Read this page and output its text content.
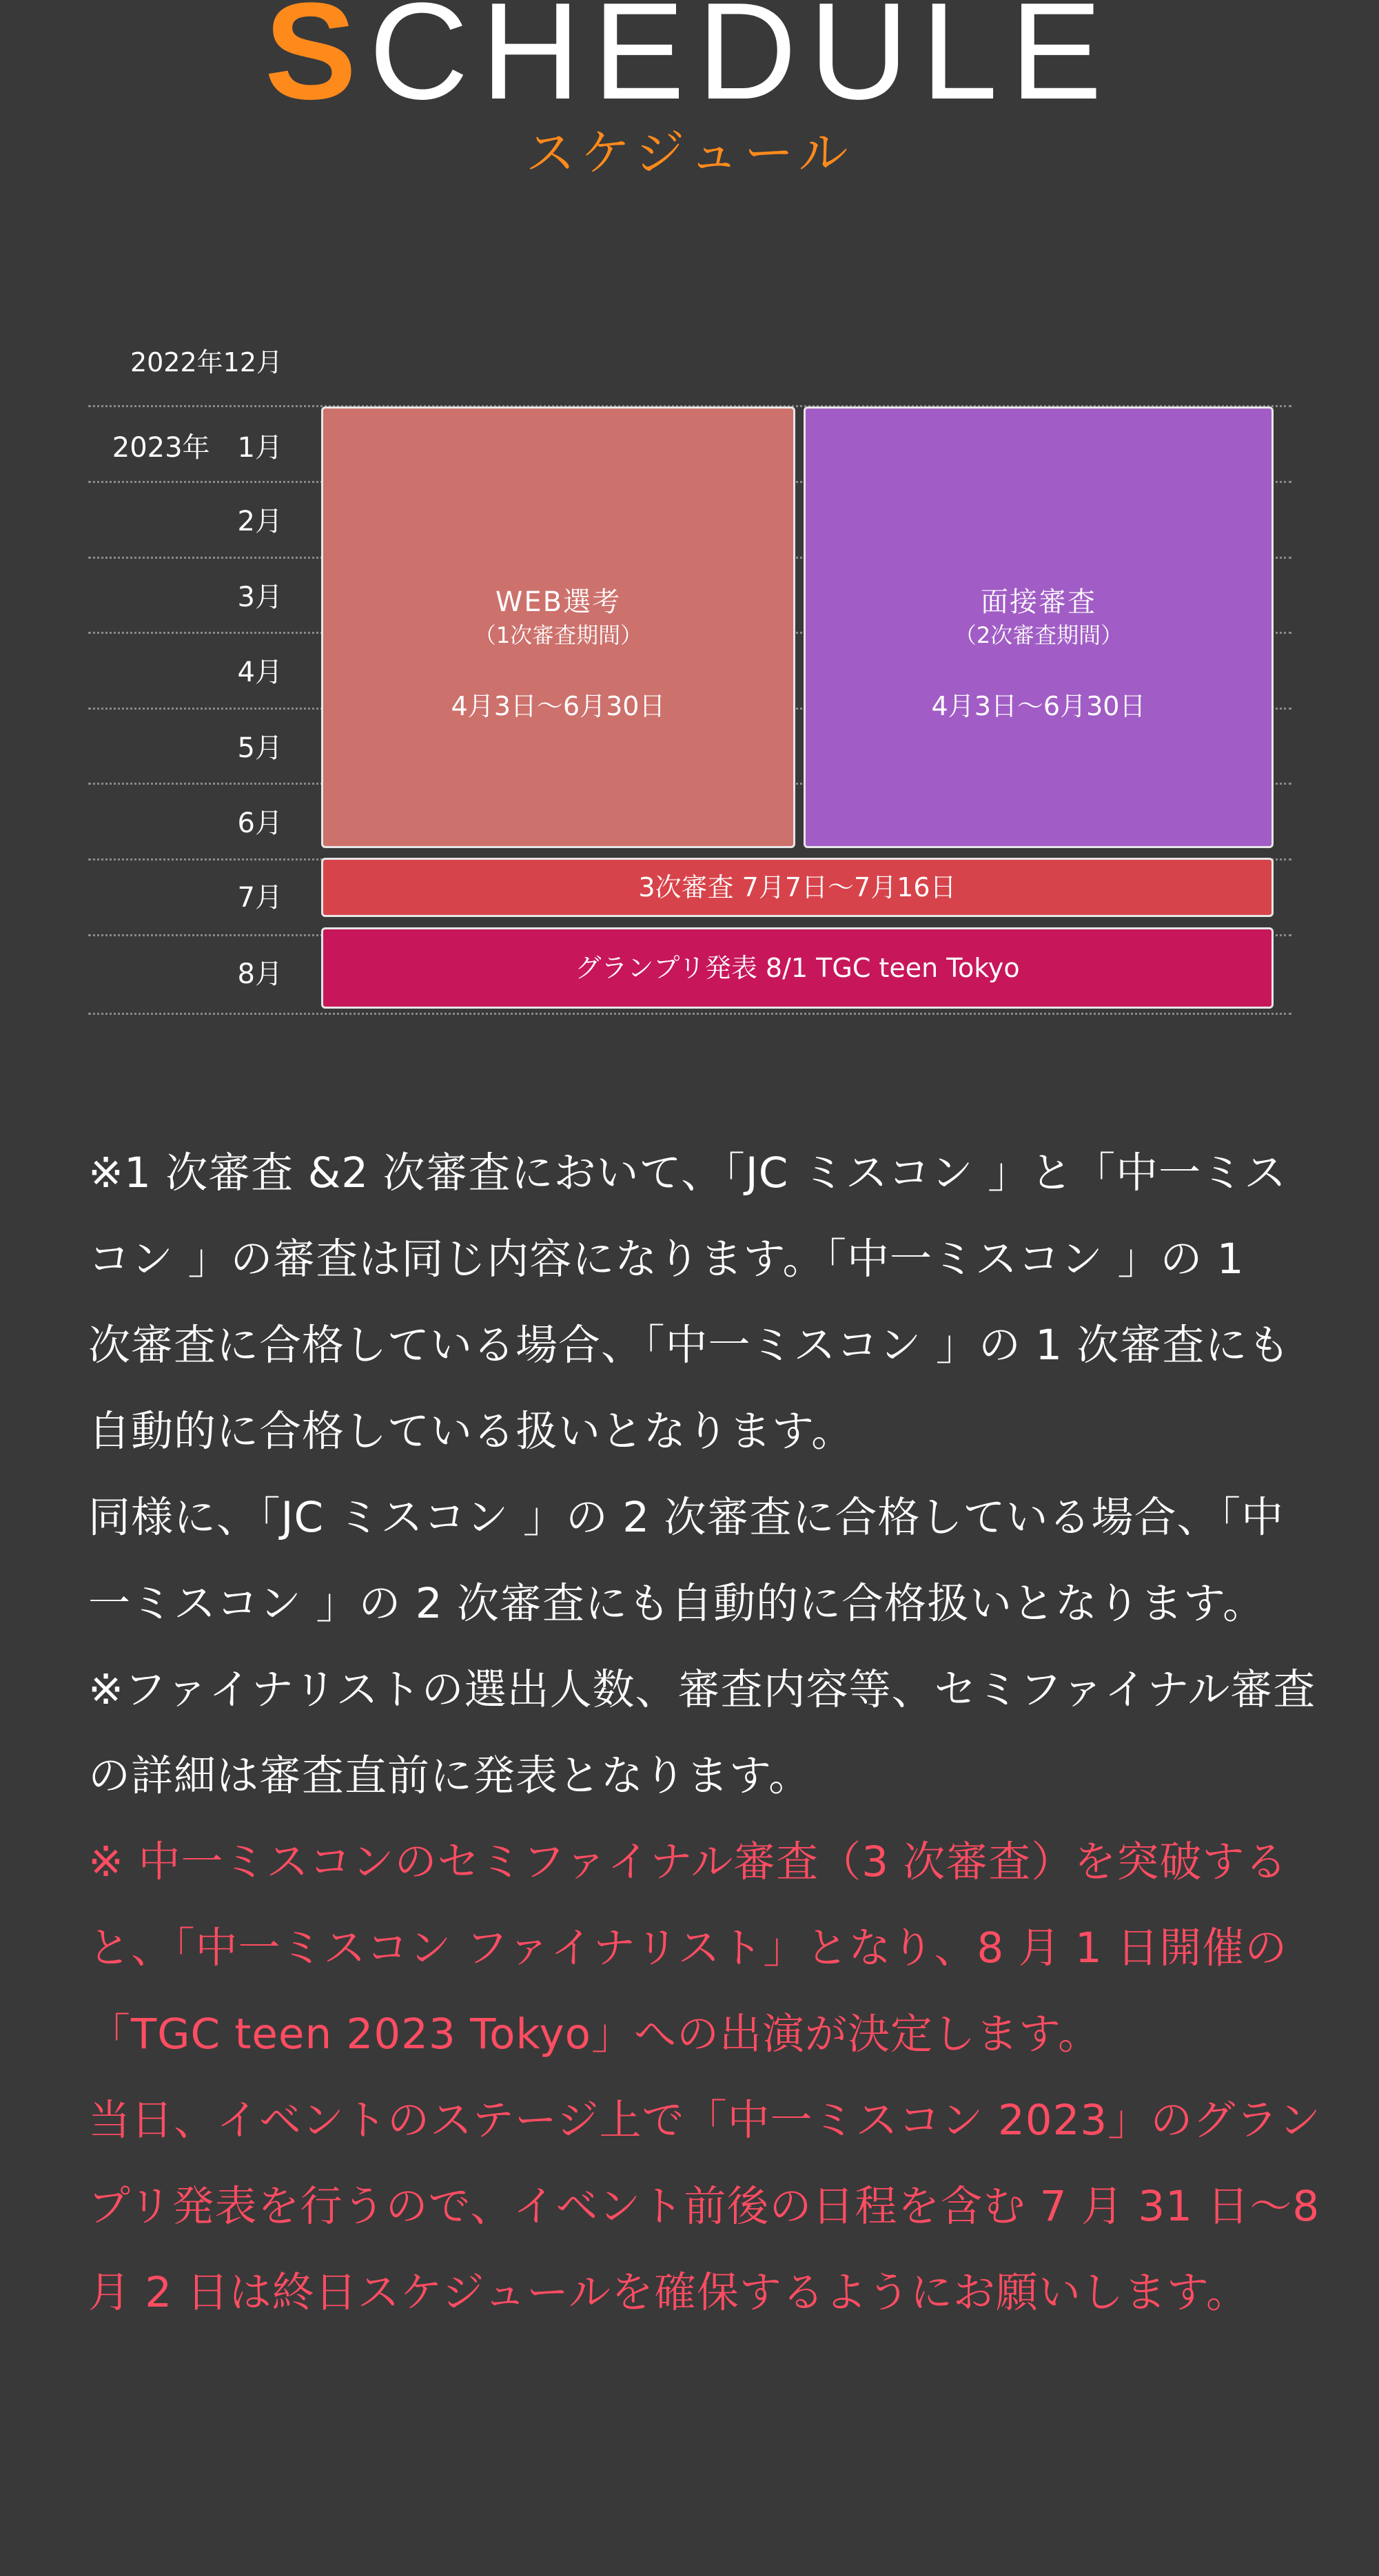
SCHEDULE
スケジュール
2022年12月
2023年　1月
2月
3月
4月
5月
6月
7月
8月
WEB選考
（1次審査期間）
4月3日〜6月30日
面接審査
（2次審査期間）
4月3日〜6月30日
3次審査 7月7日〜7月16日
グランプリ発表 8/1 TGC teen Tokyo

※1 次審査 &2 次審査において、「JC ミスコン 」と「中一ミスコン 」の審査は同じ内容になります。「中一ミスコン 」の 1 次審査に合格している場合、「中一ミスコン 」の 1 次審査にも

自動的に合格している扱いとなります。

同様に、「JC ミスコン 」の 2 次審査に合格している場合、「中一ミスコン 」の 2 次審査にも自動的に合格扱いとなります。

※ファイナリストの選出人数、審査内容等、セミファイナル審査の詳細は審査直前に発表となります。

※ 中一ミスコンのセミファイナル審査（3 次審査）を突破すると、「中一ミスコン ファイナリスト」となり、8 月 1 日開催の「TGC teen 2023 Tokyo」への出演が決定します。

当日、イベントのステージ上で「中一ミスコン 2023」のグランプリ発表を行うので、イベント前後の日程を含む 7 月 31 日〜8 月 2 日は終日スケジュールを確保するようにお願いします。
